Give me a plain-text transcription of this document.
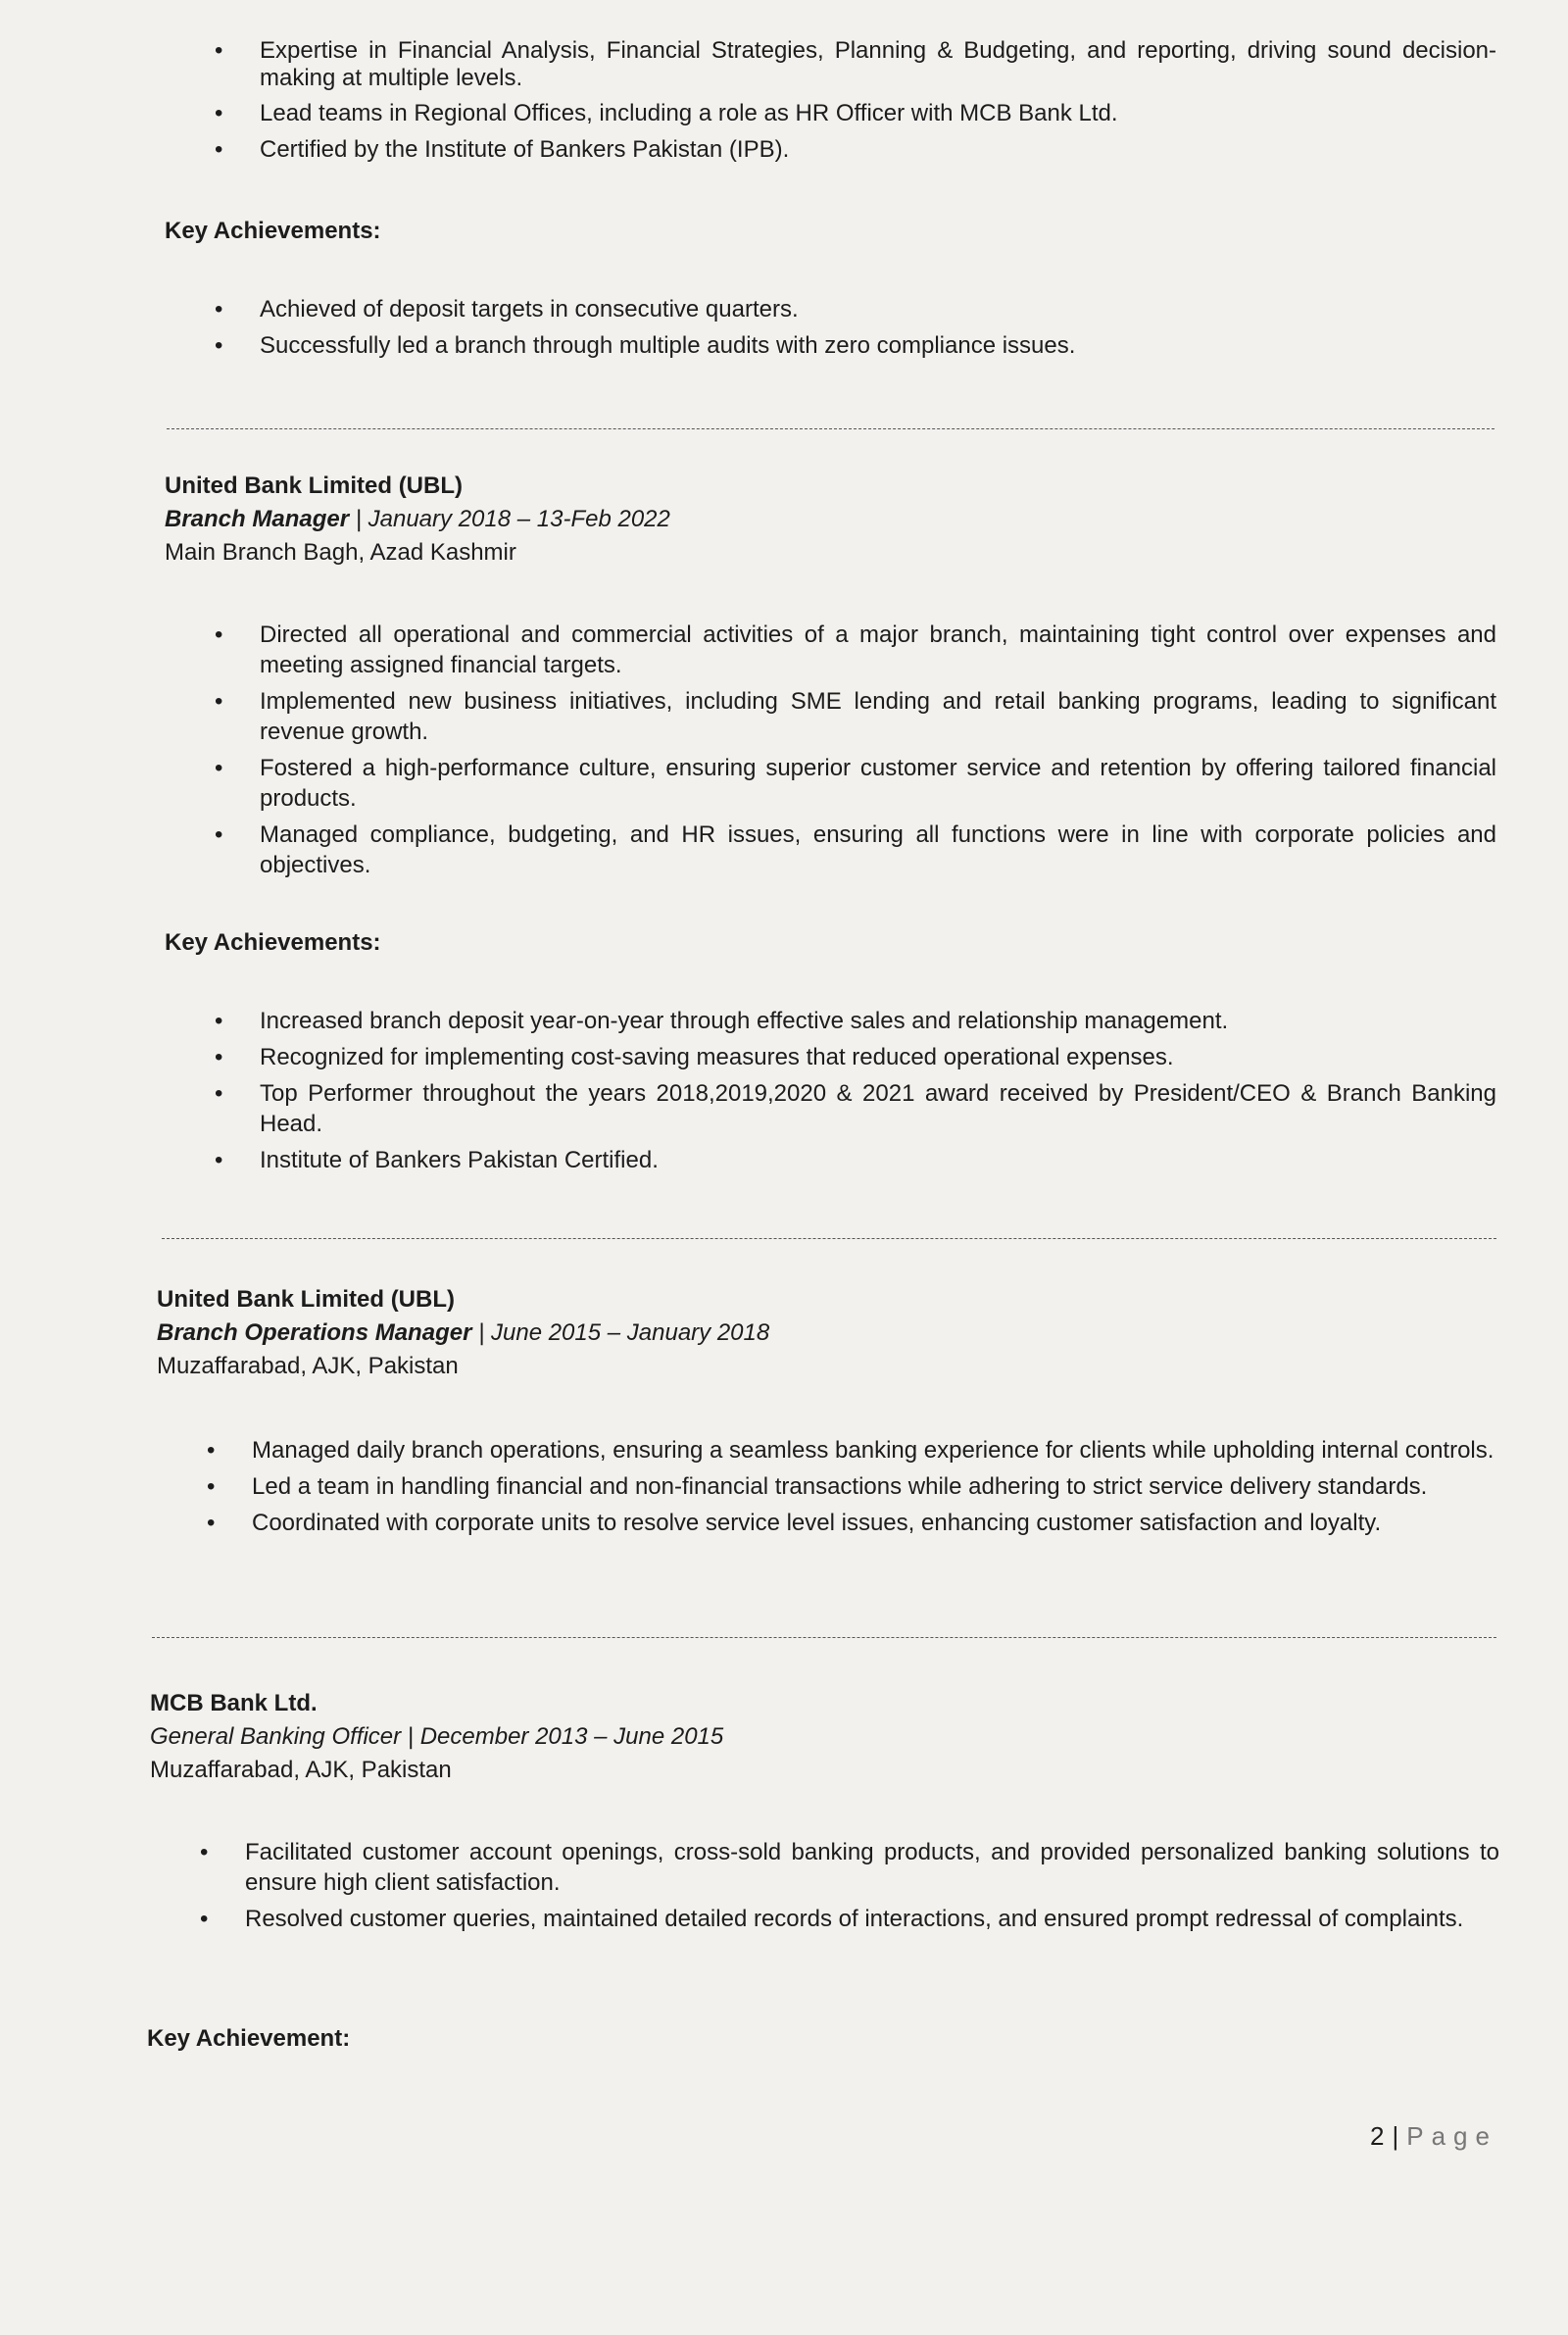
• Expertise in Financial Analysis, Financial Strategies, Planning & Budgeting, and reporting, driving sound decision-making at multiple levels.
• Lead teams in Regional Offices, including a role as HR Officer with MCB Bank Ltd.
• Certified by the Institute of Bankers Pakistan (IPB).

Key Achievements:

• Achieved of deposit targets in consecutive quarters.
• Successfully led a branch through multiple audits with zero compliance issues.

United Bank Limited (UBL)

Branch Manager | January 2018 – 13-Feb 2022

Main Branch Bagh, Azad Kashmir

• Directed all operational and commercial activities of a major branch, maintaining tight control over expenses and meeting assigned financial targets.
• Implemented new business initiatives, including SME lending and retail banking programs, leading to significant revenue growth.
• Fostered a high-performance culture, ensuring superior customer service and retention by offering tailored financial products.
• Managed compliance, budgeting, and HR issues, ensuring all functions were in line with corporate policies and objectives.

Key Achievements:

• Increased branch deposit year-on-year through effective sales and relationship management.
• Recognized for implementing cost-saving measures that reduced operational expenses.
• Top Performer throughout the years 2018,2019,2020 & 2021 award received by President/CEO & Branch Banking Head.
• Institute of Bankers Pakistan Certified.

United Bank Limited (UBL)

Branch Operations Manager | June 2015 – January 2018

Muzaffarabad, AJK, Pakistan

• Managed daily branch operations, ensuring a seamless banking experience for clients while upholding internal controls.
• Led a team in handling financial and non-financial transactions while adhering to strict service delivery standards.
• Coordinated with corporate units to resolve service level issues, enhancing customer satisfaction and loyalty.

MCB Bank Ltd.

General Banking Officer | December 2013 – June 2015

Muzaffarabad, AJK, Pakistan

• Facilitated customer account openings, cross-sold banking products, and provided personalized banking solutions to ensure high client satisfaction.
• Resolved customer queries, maintained detailed records of interactions, and ensured prompt redressal of complaints.

Key Achievement:

2 | Page
